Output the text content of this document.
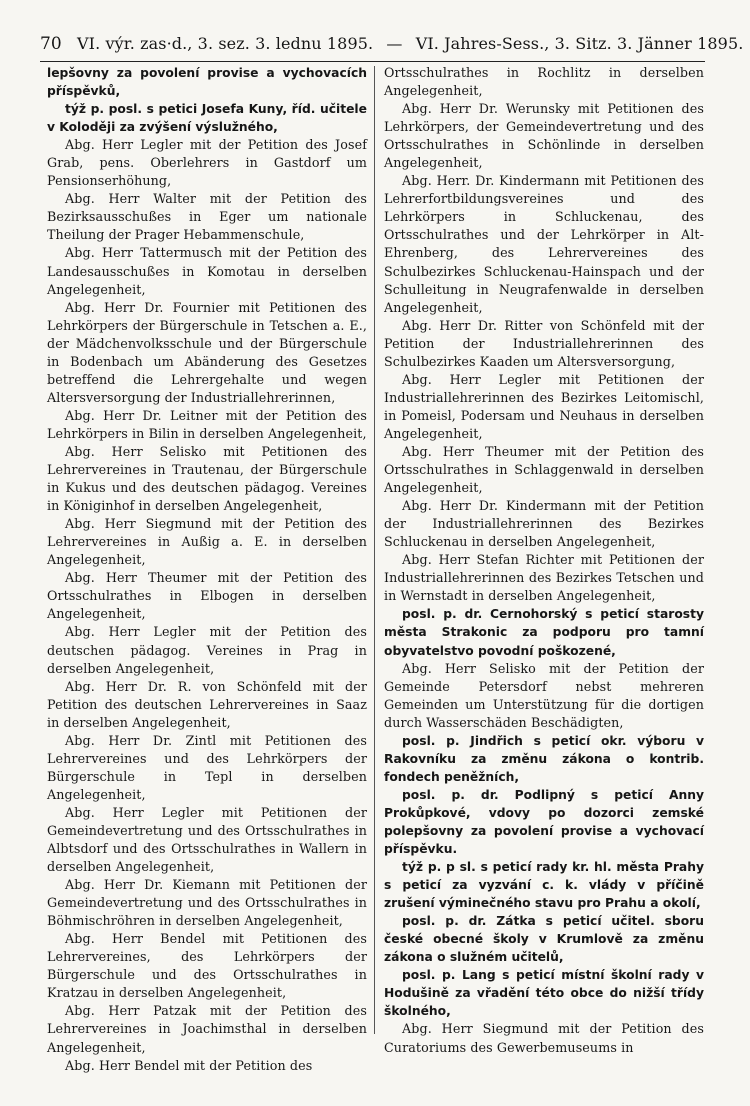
70 VI. výr. zas·d., 3. sez. 3. lednu 1895. — VI. Jahres-Sess., 3. Sitz. 3. Jänner 1895.

lepšovny za povolení provise a vychovacích příspěvků,

týž p. posl. s petici Josefa Kuny, říd. učitele v Koloději za zvýšení výslužného,

Abg. Herr Legler mit der Petition des Josef Grab, pens. Oberlehrers in Gastdorf um Pensionserhöhung,

Abg. Herr Walter mit der Petition des Bezirksausschußes in Eger um nationale Theilung der Prager Hebammenschule,

Abg. Herr Tattermusch mit der Petition des Landesausschußes in Komotau in derselben Angelegenheit,

Abg. Herr Dr. Fournier mit Petitionen des Lehrkörpers der Bürgerschule in Tetschen a. E., der Mädchenvolksschule und der Bürgerschule in Bodenbach um Abänderung des Gesetzes betreffend die Lehrergehalte und wegen Altersversorgung der Industriallehrerinnen,

Abg. Herr Dr. Leitner mit der Petition des Lehrkörpers in Bilin in derselben Angelegenheit,

Abg. Herr Selisko mit Petitionen des Lehrervereines in Trautenau, der Bürgerschule in Kukus und des deutschen pädagog. Vereines in Königinhof in derselben Angelegenheit,

Abg. Herr Siegmund mit der Petition des Lehrervereines in Außig a. E. in derselben Angelegenheit,

Abg. Herr Theumer mit der Petition des Ortsschulrathes in Elbogen in derselben Angelegenheit,

Abg. Herr Legler mit der Petition des deutschen pädagog. Vereines in Prag in derselben Angelegenheit,

Abg. Herr Dr. R. von Schönfeld mit der Petition des deutschen Lehrervereines in Saaz in derselben Angelegenheit,

Abg. Herr Dr. Zintl mit Petitionen des Lehrervereines und des Lehrkörpers der Bürgerschule in Tepl in derselben Angelegenheit,

Abg. Herr Legler mit Petitionen der Gemeindevertretung und des Ortsschulrathes in Albtsdorf und des Ortsschulrathes in Wallern in derselben Angelegenheit,

Abg. Herr Dr. Kiemann mit Petitionen der Gemeindevertretung und des Ortsschulrathes in Böhmischröhren in derselben Angelegenheit,

Abg. Herr Bendel mit Petitionen des Lehrervereines, des Lehrkörpers der Bürgerschule und des Ortsschulrathes in Kratzau in derselben Angelegenheit,

Abg. Herr Patzak mit der Petition des Lehrervereines in Joachimsthal in derselben Angelegenheit,

Abg. Herr Bendel mit der Petition des

Ortsschulrathes in Rochlitz in derselben Angelegenheit,

Abg. Herr Dr. Werunsky mit Petitionen des Lehrkörpers, der Gemeindevertretung und des Ortsschulrathes in Schönlinde in derselben Angelegenheit,

Abg. Herr. Dr. Kindermann mit Petitionen des Lehrerfortbildungsvereines und des Lehrkörpers in Schluckenau, des Ortsschulrathes und der Lehrkörper in Alt-Ehrenberg, des Lehrervereines des Schulbezirkes Schluckenau-Hainspach und der Schulleitung in Neugrafenwalde in derselben Angelegenheit,

Abg. Herr Dr. Ritter von Schönfeld mit der Petition der Industriallehrerinnen des Schulbezirkes Kaaden um Altersversorgung,

Abg. Herr Legler mit Petitionen der Industriallehrerinnen des Bezirkes Leitomischl, in Pomeisl, Podersam und Neuhaus in derselben Angelegenheit,

Abg. Herr Theumer mit der Petition des Ortsschulrathes in Schlaggenwald in derselben Angelegenheit,

Abg. Herr Dr. Kindermann mit der Petition der Industriallehrerinnen des Bezirkes Schluckenau in derselben Angelegenheit,

Abg. Herr Stefan Richter mit Petitionen der Industriallehrerinnen des Bezirkes Tetschen und in Wernstadt in derselben Angelegenheit,

posl. p. dr. Cernohorský s peticí starosty města Strakonic za podporu pro tamní obyvatelstvo povodní poškozené,

Abg. Herr Selisko mit der Petition der Gemeinde Petersdorf nebst mehreren Gemeinden um Unterstützung für die dortigen durch Wasserschäden Beschädigten,

posl. p. Jindřich s peticí okr. výboru v Rakovníku za změnu zákona o kontrib. fondech peněžních,

posl. p. dr. Podlipný s peticí Anny Prokůpkové, vdovy po dozorci zemské polepšovny za povolení provise a vychovací příspěvku.

týž p. p sl. s peticí rady kr. hl. města Prahy s peticí za vyzvání c. k. vlády v příčině zrušení výminečného stavu pro Prahu a okolí,

posl. p. dr. Zátka s peticí učitel. sboru české obecné školy v Krumlově za změnu zákona o služném učitelů,

posl. p. Lang s peticí místní školní rady v Hodušině za vřadění této obce do nižší třídy školného,

Abg. Herr Siegmund mit der Petition des Curatoriums des Gewerbemuseums in
